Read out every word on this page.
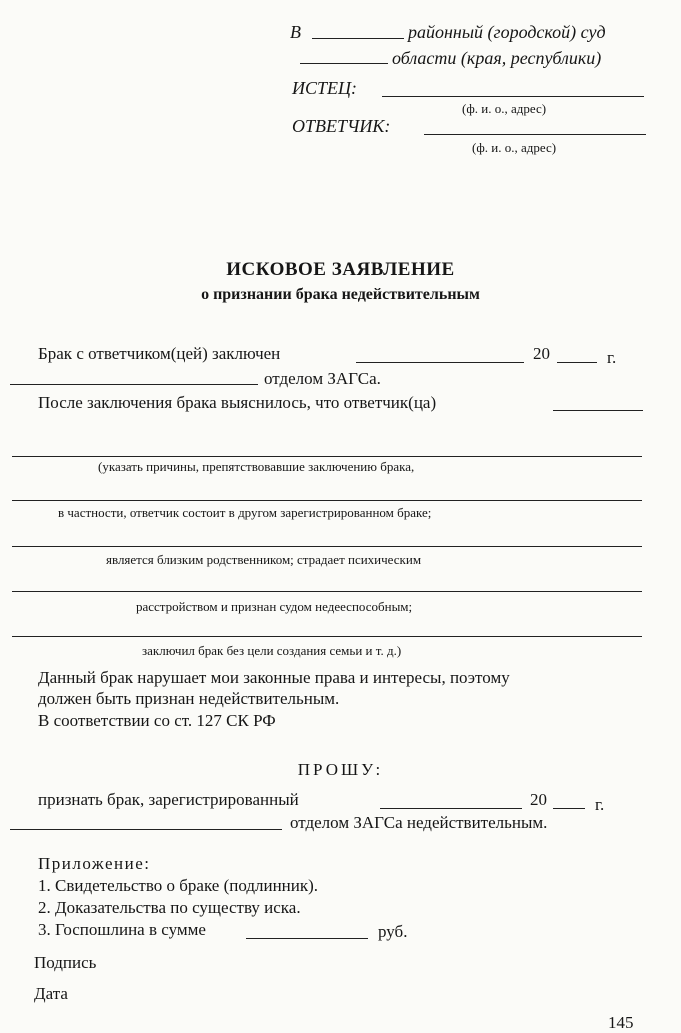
В	районный (городской) суд
области (края, республики)
ИСТЕЦ:
(ф. и. о., адрес)
ОТВЕТЧИК:
(ф. и. о., адрес)
ИСКОВОЕ ЗАЯВЛЕНИЕ
о признании брака недействительным
Брак с ответчиком(цей) заключен	20	г.
отделом ЗАГСа.
После заключения брака выяснилось, что ответчик(ца)
(указать причины, препятствовавшие заключению брака,
в частности, ответчик состоит в другом зарегистрированном браке;
является близким родственником; страдает психическим
расстройством и признан судом недееспособным;
заключил брак без цели создания семьи и т. д.)
Данный брак нарушает мои законные права и интересы, поэтому
должен быть признан недействительным.
В соответствии со ст. 127 СК РФ
ПРОШУ:
признать брак, зарегистрированный	20	г.
отделом ЗАГСа недействительным.
Приложение:
1. Свидетельство о браке (подлинник).
2. Доказательства по существу иска.
3. Госпошлина в сумме	руб.
Подпись
Дата
145
